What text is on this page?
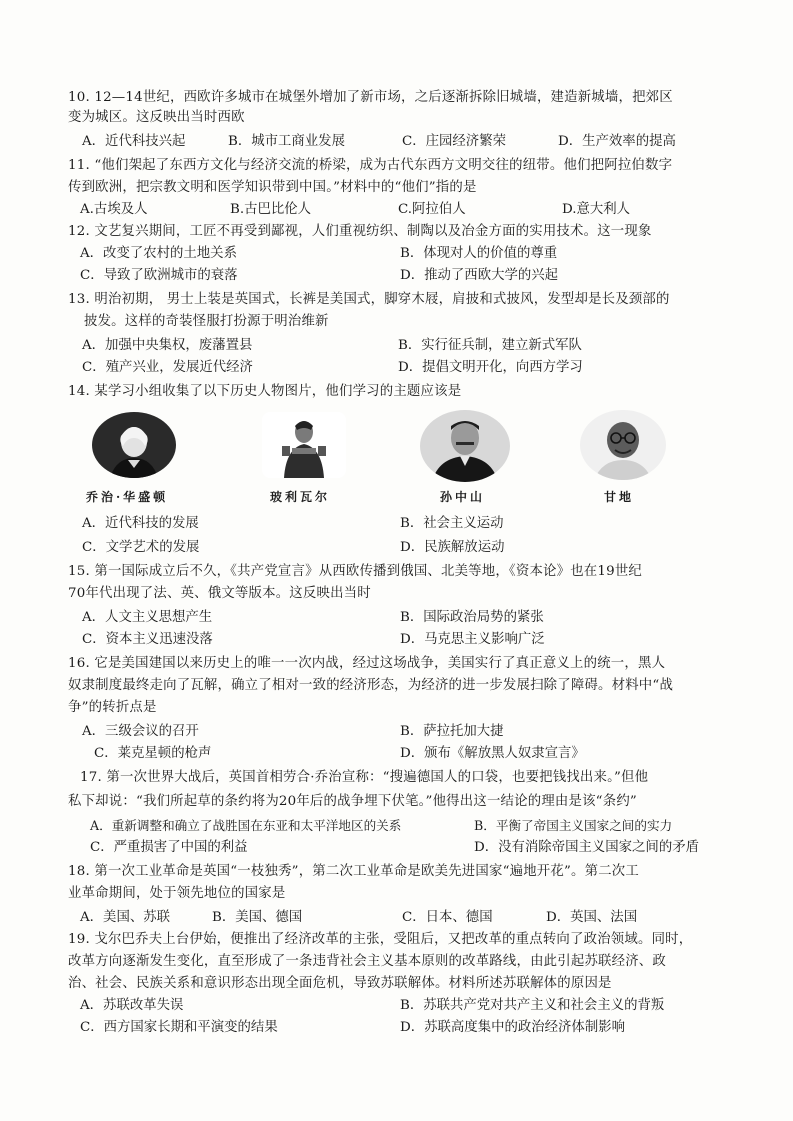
10. 12—14世纪，西欧许多城市在城堡外增加了新市场，之后逐渐拆除旧城墙，建造新城墙，把郊区
变为城区。这反映出当时西欧
A．近代科技兴起	B．城市工商业发展	C．庄园经济繁荣	D．生产效率的提高
11. “他们架起了东西方文化与经济交流的桥梁，成为古代东西方文明交往的纽带。他们把阿拉伯数字
传到欧洲，把宗教文明和医学知识带到中国。”材料中的“他们”指的是
A.古埃及人	B.古巴比伦人	C.阿拉伯人	D.意大利人
12. 文艺复兴期间，工匠不再受到鄙视，人们重视纺织、制陶以及冶金方面的实用技术。这一现象
A．改变了农村的土地关系	B．体现对人的价值的尊重
C．导致了欧洲城市的衰落	D．推动了西欧大学的兴起
13. 明治初期， 男士上装是英国式，长裤是美国式，脚穿木屐，肩披和式披风，发型却是长及颈部的
披发。这样的奇装怪服打扮源于明治维新
A．加强中央集权，废藩置县	B．实行征兵制，建立新式军队
C．殖产兴业，发展近代经济	D．提倡文明开化，向西方学习
14. 某学习小组收集了以下历史人物图片，他们学习的主题应该是
乔治·华盛顿	玻利瓦尔	孙中山	甘地
A．近代科技的发展	B．社会主义运动
C．文学艺术的发展	D．民族解放运动
15. 第一国际成立后不久，《共产党宣言》从西欧传播到俄国、北美等地，《资本论》也在19世纪
70年代出现了法、英、俄文等版本。这反映出当时
A．人文主义思想产生	B．国际政治局势的紧张
C．资本主义迅速没落	D．马克思主义影响广泛
16. 它是美国建国以来历史上的唯一一次内战，经过这场战争，美国实行了真正意义上的统一，黑人
奴隶制度最终走向了瓦解，确立了相对一致的经济形态，为经济的进一步发展扫除了障碍。材料中“战
争”的转折点是
A．三级会议的召开	B．萨拉托加大捷
C．莱克星顿的枪声	D．颁布《解放黑人奴隶宣言》
17. 第一次世界大战后，英国首相劳合·乔治宣称：“搜遍德国人的口袋，也要把钱找出来。”但他
私下却说：“我们所起草的条约将为20年后的战争埋下伏笔。”他得出这一结论的理由是该“条约”
A．重新调整和确立了战胜国在东亚和太平洋地区的关系	B．平衡了帝国主义国家之间的实力
C．严重损害了中国的利益	D．没有消除帝国主义国家之间的矛盾
18. 第一次工业革命是英国“一枝独秀”，第二次工业革命是欧美先进国家“遍地开花”。第二次工
业革命期间，处于领先地位的国家是
A．美国、苏联	B．美国、德国	C．日本、德国	D．英国、法国
19. 戈尔巴乔夫上台伊始，便推出了经济改革的主张，受阻后，又把改革的重点转向了政治领域。同时，
改革方向逐渐发生变化，直至形成了一条违背社会主义基本原则的改革路线，由此引起苏联经济、政
治、社会、民族关系和意识形态出现全面危机，导致苏联解体。材料所述苏联解体的原因是
A．苏联改革失误	B．苏联共产党对共产主义和社会主义的背叛
C．西方国家长期和平演变的结果	D．苏联高度集中的政治经济体制影响
